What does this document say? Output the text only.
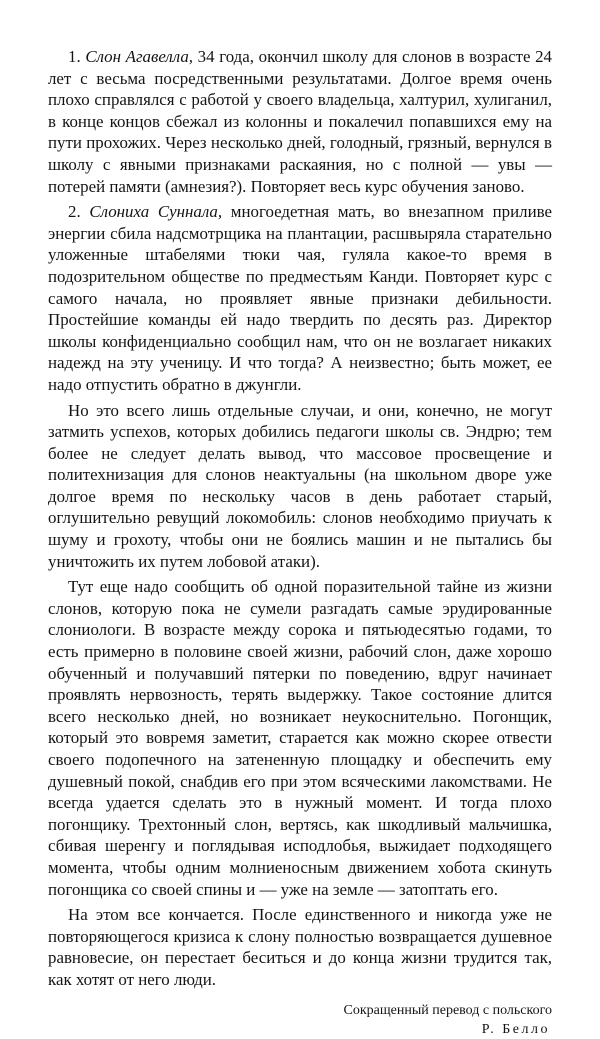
1. Слон Агавелла, 34 года, окончил школу для слонов в возрасте 24 лет с весьма посредственными результатами. Долгое время очень плохо справлялся с работой у своего владельца, халтурил, хулиганил, в конце концов сбежал из колонны и покалечил попавшихся ему на пути прохожих. Через несколько дней, голодный, грязный, вернулся в школу с явными признаками раскаяния, но с полной — увы — потерей памяти (амнезия?). Повторяет весь курс обучения заново.

2. Слониха Суннала, многоедетная мать, во внезапном приливе энергии сбила надсмотрщика на плантации, расшвыряла старательно уложенные штабелями тюки чая, гуляла какое-то время в подозрительном обществе по предместьям Канди. Повторяет курс с самого начала, но проявляет явные признаки дебильности. Простейшие команды ей надо твердить по десять раз. Директор школы конфиденциально сообщил нам, что он не возлагает никаких надежд на эту ученицу. И что тогда? А неизвестно; быть может, ее надо отпустить обратно в джунгли.

Но это всего лишь отдельные случаи, и они, конечно, не могут затмить успехов, которых добились педагоги школы св. Эндрю; тем более не следует делать вывод, что массовое просвещение и политехнизация для слонов неактуальны (на школьном дворе уже долгое время по нескольку часов в день работает старый, оглушительно ревущий локомобиль: слонов необходимо приучать к шуму и грохоту, чтобы они не боялись машин и не пытались бы уничтожить их путем лобовой атаки).

Тут еще надо сообщить об одной поразительной тайне из жизни слонов, которую пока не сумели разгадать самые эрудированные слониологи. В возрасте между сорока и пятьюдесятью годами, то есть примерно в половине своей жизни, рабочий слон, даже хорошо обученный и получавший пятерки по поведению, вдруг начинает проявлять нервозность, терять выдержку. Такое состояние длится всего несколько дней, но возникает неукоснительно. Погонщик, который это вовремя заметит, старается как можно скорее отвести своего подопечного на затененную площадку и обеспечить ему душевный покой, снабдив его при этом всяческими лакомствами. Не всегда удается сделать это в нужный момент. И тогда плохо погонщику. Трехтонный слон, вертясь, как шкодливый мальчишка, сбивая шеренгу и поглядывая исподлобья, выжидает подходящего момента, чтобы одним молниеносным движением хобота скинуть погонщика со своей спины и — уже на земле — затоптать его.

На этом все кончается. После единственного и никогда уже не повторяющегося кризиса к слону полностью возвращается душевное равновесие, он перестает беситься и до конца жизни трудится так, как хотят от него люди.

Сокращенный перевод с польского
Р. Белло
